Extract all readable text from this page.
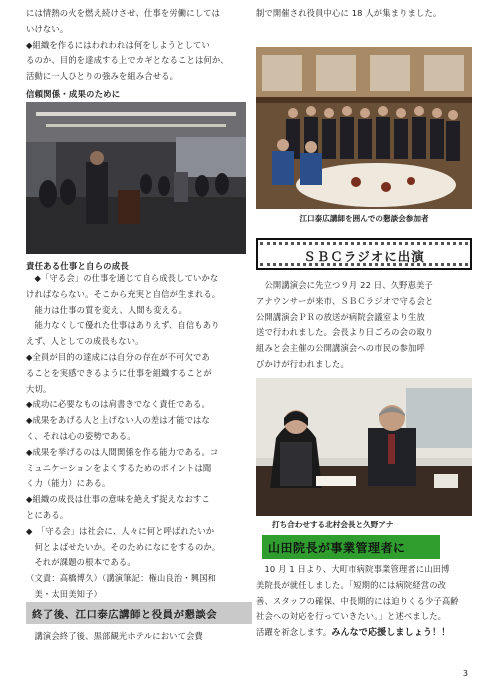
には情熱の火を燃え続けさせ、仕事を労働にしては

いけない。

◆組織を作るにはわれわれは何をしようとしてい

るのか、目的を達成する上でカギとなることは何か、

活動に一人ひとりの強みを組み合せる。

信頼関係・成果のために
責任ある仕事と自らの成長

　◆「守る会」の仕事を通じて自ら成長していかな

ければならない。そこから充実と自信が生まれる。

　能力は仕事の質を変え、人間も変える。

　能力なくして優れた仕事はありえず、自信もあり

えず、人としての成長もない。

◆全員が目的の達成には自分の存在が不可欠であ

ることを実感できるように仕事を組織することが

大切。

◆成功に必要なものは肩書きでなく責任である。

◆成果をあげる人と上げない人の差は才能ではな

く、それは心の姿勢である。

◆成果を挙げるのは人間関係を作る能力である。コ

ミュニケーションをよくするためのポイントは聞

く力（能力）にある。

◆組織の成長は仕事の意味を絶えず捉えなおすこ

とにある。

◆　「守る会」は社会に、人々に何と呼ばれたいか

　何とよばせたいか。そのためになにをするのか。

　それが課題の根本である。

（文責：高橋博久）（講演筆記：権山良治・興国和

　美・太田美知子）

終了後、江口泰広講師と役員が懇談会

　講演会終了後、黒部観光ホテルにおいて会費

制で開催され役員中心に 18 人が集まりました。
江口泰広講師を囲んでの懇談会参加者
ＳＢＣラジオに出演

　公開講演会に先立つ９月 22 日、久野恵美子

アナウンサーが来市、ＳＢＣラジオで守る会と

公開講演会ＰＲの放送が病院会議室より生放

送で行われました。会長より日ごろの会の取り

組みと会主催の公開講演会への市民の参加呼

びかけが行われました。

打ち合わせする北村会長と久野アナ
山田院長が事業管理者に

　10 月 1 日より、大町市病院事業管理者に山田博

美院長が就任しました。「短期的には病院経営の改

善、スタッフの確保、中長期的には迫りくる少子高齢

社会への対応を行っていきたい。」と述べました。

活躍を祈念します。みんなで応援しましょう！！

3
